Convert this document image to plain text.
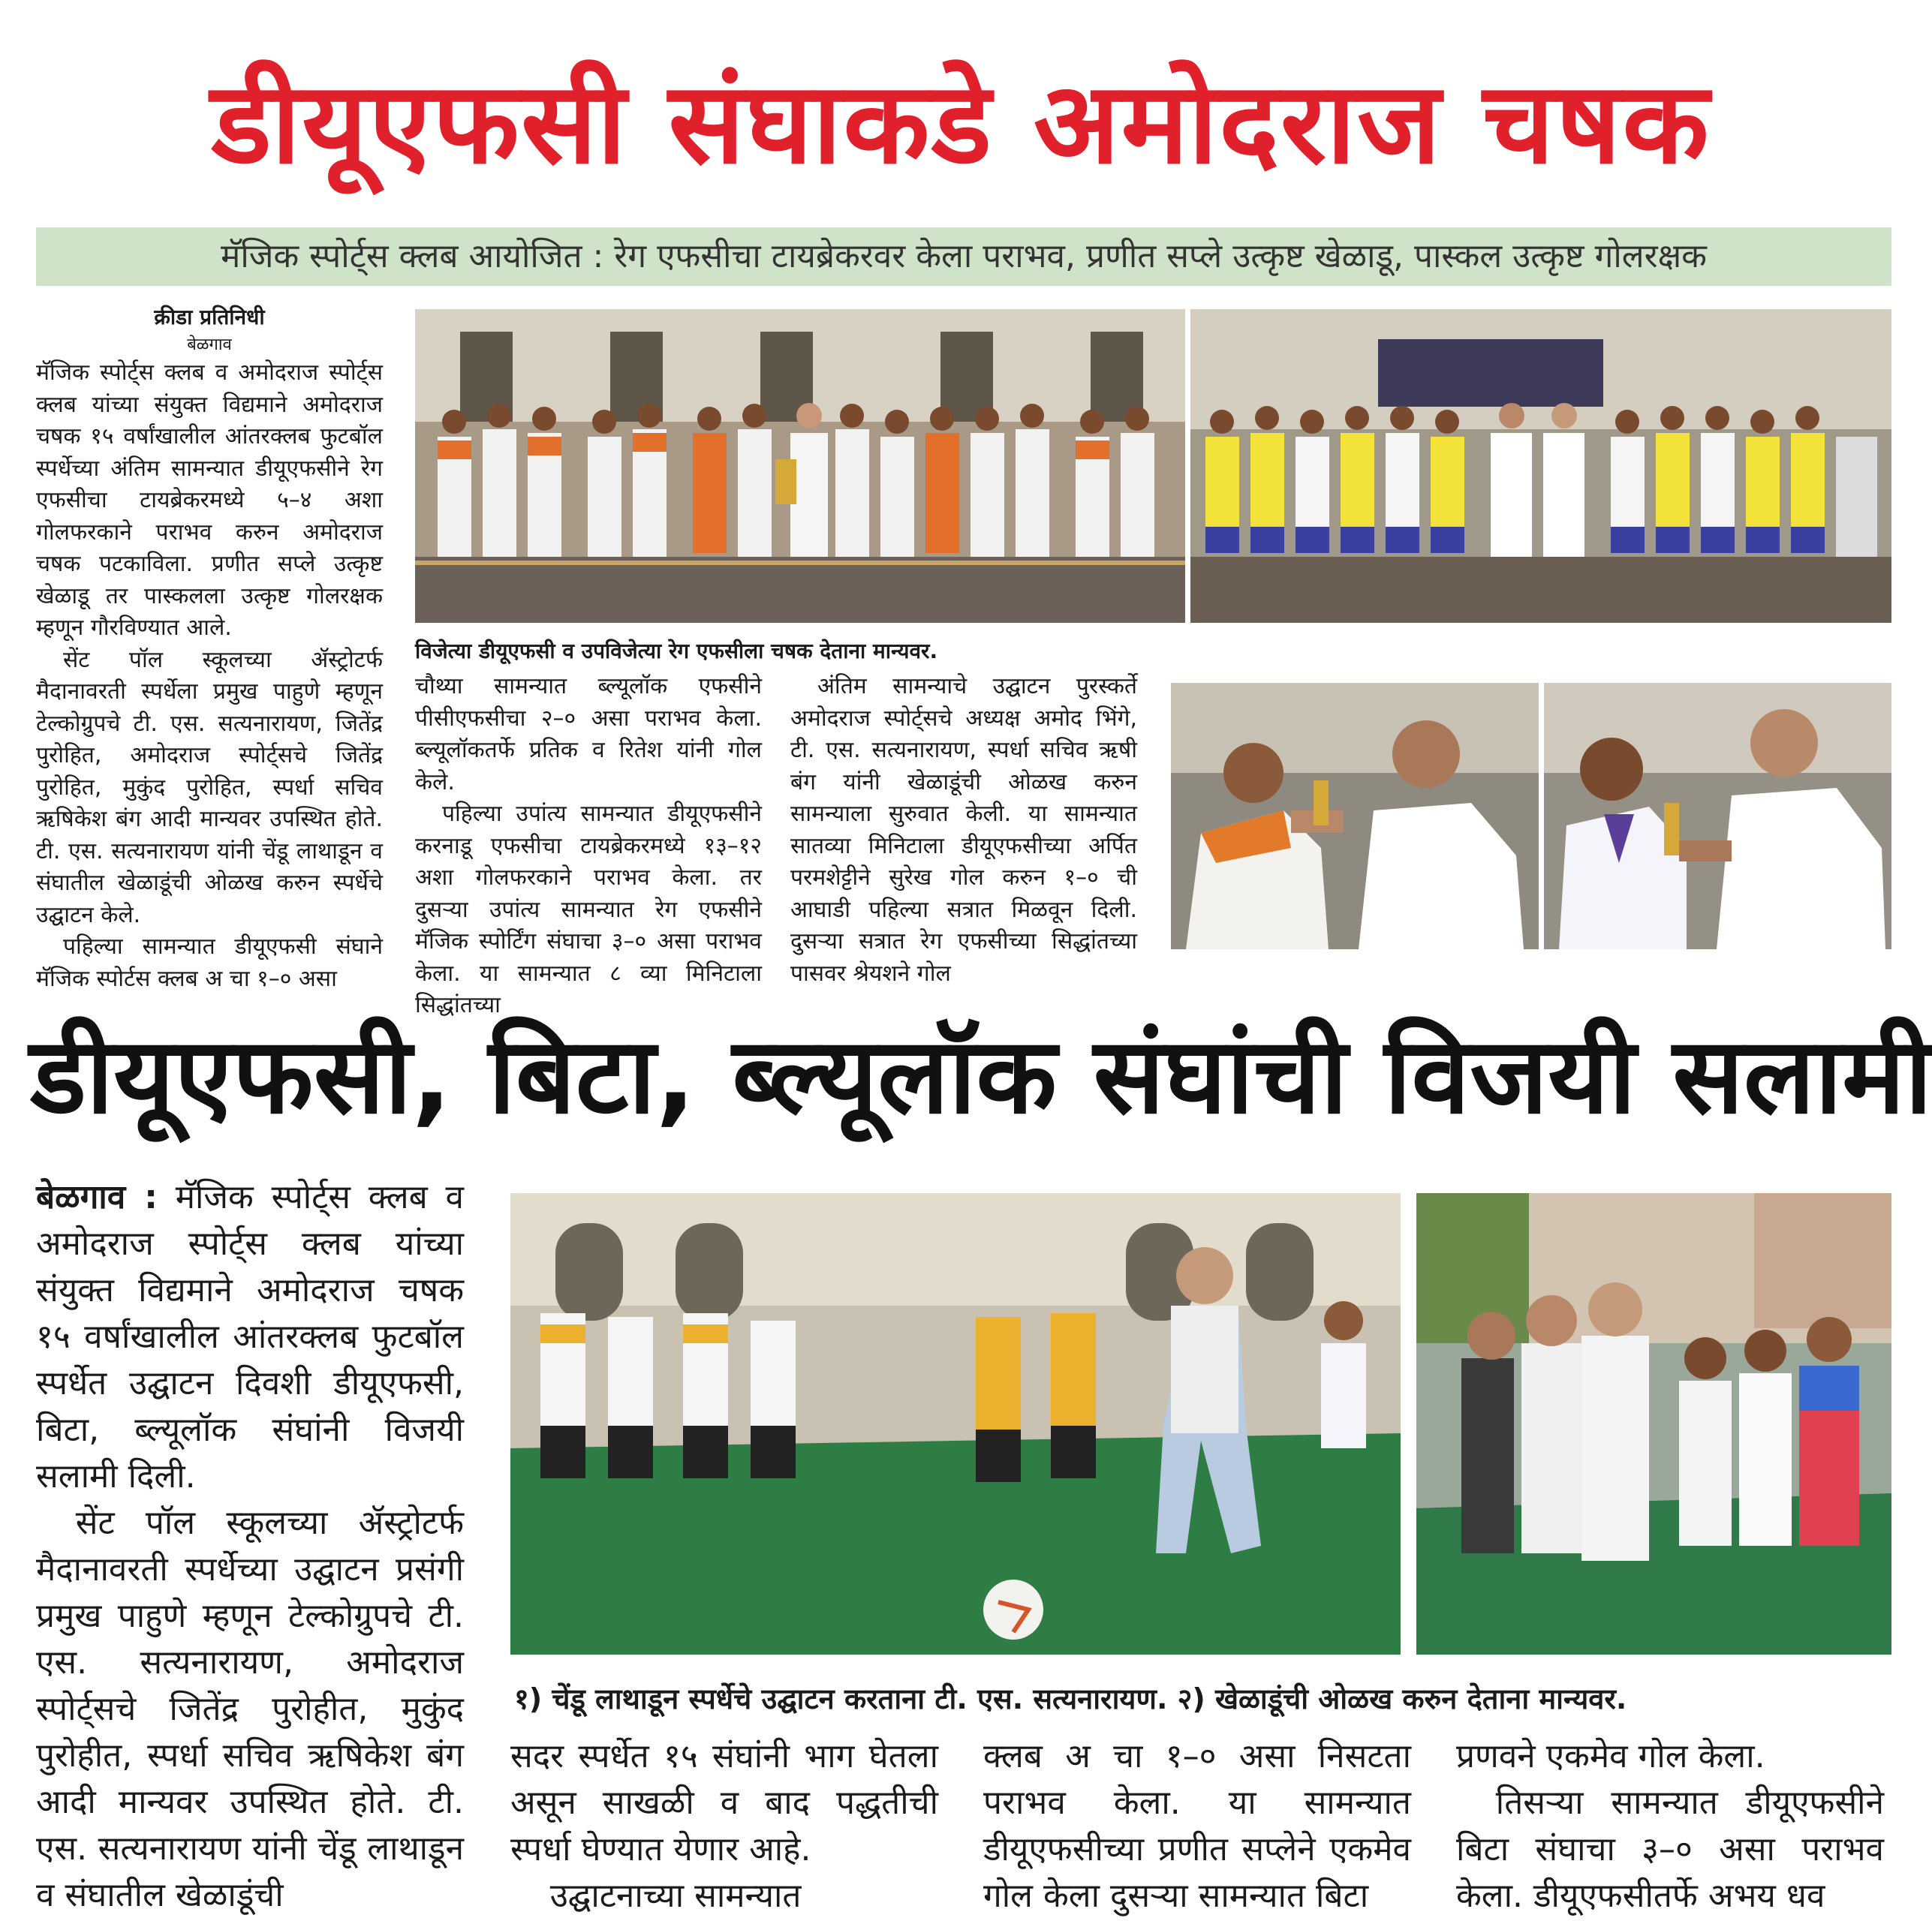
डीयूएफसी संघाकडे अमोदराज चषक
मॅजिक स्पोर्ट्स क्लब आयोजित : रेग एफसीचा टायब्रेकरवर केला पराभव, प्रणीत सप्ले उत्कृष्ट खेळाडू, पास्कल उत्कृष्ट गोलरक्षक
क्रीडा प्रतिनिधी
बेळगाव

मॅजिक स्पोर्ट्स क्लब व अमोदराज स्पोर्ट्स क्लब यांच्या संयुक्त विद्यमाने अमोदराज चषक १५ वर्षांखालील आंतरक्लब फुटबॉल स्पर्धेच्या अंतिम सामन्यात डीयूएफसीने रेग एफसीचा टायब्रेकरमध्ये ५–४ अशा गोलफरकाने पराभव करुन अमोदराज चषक पटकाविला. प्रणीत सप्ले उत्कृष्ट खेळाडू तर पास्कलला उत्कृष्ट गोलरक्षक म्हणून गौरविण्यात आले.

सेंट पॉल स्कूलच्या ॲस्ट्रोटर्फ मैदानावरती स्पर्धेला प्रमुख पाहुणे म्हणून टेल्कोग्रुपचे टी. एस. सत्यनारायण, जितेंद्र पुरोहित, अमोदराज स्पोर्ट्सचे जितेंद्र पुरोहित, मुकुंद पुरोहित, स्पर्धा सचिव ऋषिकेश बंग आदी मान्यवर उपस्थित होते. टी. एस. सत्यनारायण यांनी चेंडू लाथाडून व संघातील खेळाडूंची ओळख करुन स्पर्धेचे उद्घाटन केले.

पहिल्या सामन्यात डीयूएफसी संघाने मॅजिक स्पोर्टस क्लब अ चा १–० असा

विजेत्या डीयूएफसी व उपविजेत्या रेग एफसीला चषक देताना मान्यवर.

चौथ्या सामन्यात ब्ल्यूलॉक एफसीने पीसीएफसीचा २–० असा पराभव केला. ब्ल्यूलॉकतर्फे प्रतिक व रितेश यांनी गोल केले.

पहिल्या उपांत्य सामन्यात डीयूएफसीने करनाडू एफसीचा टायब्रेकरमध्ये १३–१२ अशा गोलफरकाने पराभव केला. तर दुसऱ्या उपांत्य सामन्यात रेग एफसीने मॅजिक स्पोर्टिंग संघाचा ३–० असा पराभव केला. या सामन्यात ८ व्या मिनिटाला सिद्धांतच्या

अंतिम सामन्याचे उद्घाटन पुरस्कर्ते अमोदराज स्पोर्ट्सचे अध्यक्ष अमोद भिंगे, टी. एस. सत्यनारायण, स्पर्धा सचिव ऋषी बंग यांनी खेळाडूंची ओळख करुन सामन्याला सुरुवात केली. या सामन्यात सातव्या मिनिटाला डीयूएफसीच्या अर्पित परमशेट्टीने सुरेख गोल करुन १–० ची आघाडी पहिल्या सत्रात मिळवून दिली. दुसऱ्या सत्रात रेग एफसीच्या सिद्धांतच्या पासवर श्रेयशने गोल

डीयूएफसी, बिटा, ब्ल्यूलॉक संघांची विजयी सलामी

बेळगाव : मॅजिक स्पोर्ट्स क्लब व अमोदराज स्पोर्ट्स क्लब यांच्या संयुक्त विद्यमाने अमोदराज चषक १५ वर्षांखालील आंतरक्लब फुटबॉल स्पर्धेत उद्घाटन दिवशी डीयूएफसी, बिटा, ब्ल्यूलॉक संघांनी विजयी सलामी दिली.

सेंट पॉल स्कूलच्या ॲस्ट्रोटर्फ मैदानावरती स्पर्धेच्या उद्घाटन प्रसंगी प्रमुख पाहुणे म्हणून टेल्कोग्रुपचे टी. एस. सत्यनारायण, अमोदराज स्पोर्ट्सचे जितेंद्र पुरोहीत, मुकुंद पुरोहीत, स्पर्धा सचिव ऋषिकेश बंग आदी मान्यवर उपस्थित होते. टी. एस. सत्यनारायण यांनी चेंडू लाथाडून व संघातील खेळाडूंची

१) चेंडू लाथाडून स्पर्धेचे उद्घाटन करताना टी. एस. सत्यनारायण. २) खेळाडूंची ओळख करुन देताना मान्यवर.

सदर स्पर्धेत १५ संघांनी भाग घेतला असून साखळी व बाद पद्धतीची स्पर्धा घेण्यात येणार आहे.

उद्घाटनाच्या सामन्यात

क्लब अ चा १–० असा निसटता पराभव केला. या सामन्यात डीयूएफसीच्या प्रणीत सप्लेने एकमेव गोल केला दुसऱ्या सामन्यात बिटा

प्रणवने एकमेव गोल केला.

तिसऱ्या सामन्यात डीयूएफसीने बिटा संघाचा ३–० असा पराभव केला. डीयूएफसीतर्फे अभय धव
